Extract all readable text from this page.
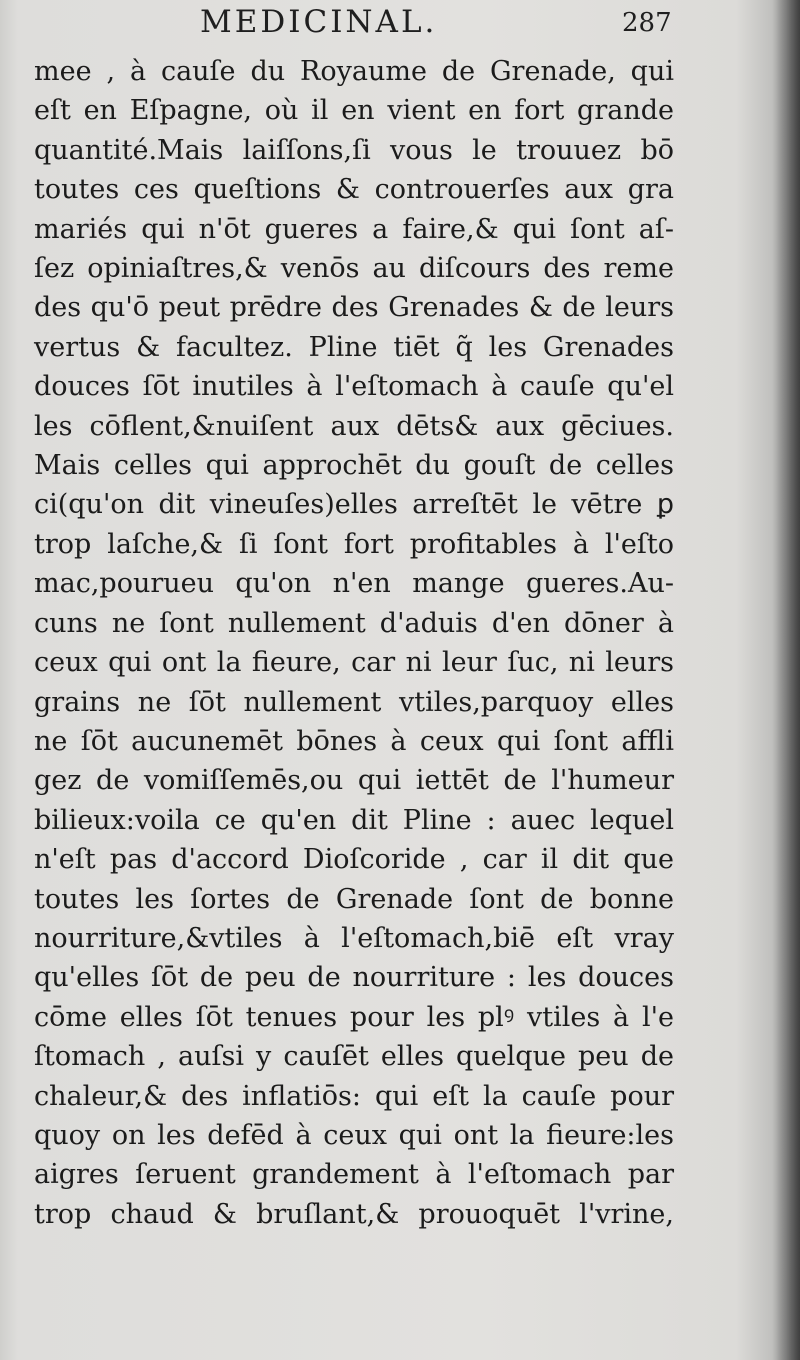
MEDICINAL.	287
mee , à cauſe du Royaume de Grenade, qui
eſt en Eſpagne, où il en vient en fort grande
quantité.Mais laiſſons,ſi vous le trouuez bō
toutes ces queſtions & controuerſes aux gra
mariés qui n'ōt gueres a faire,& qui ſont aſ-
ſez opiniaſtres,& venōs au diſcours des reme
des qu'ō peut prēdre des Grenades & de leurs
vertus & facultez. Pline tiēt q̃ les Grenades
douces ſōt inutiles à l'eſtomach à cauſe qu'el
les cōflent,&nuiſent aux dēts& aux gēciues.
Mais celles qui approchēt du gouſt de celles
ci(qu'on dit vineuſes)elles arreſtēt le vētre ꝑ
trop laſche,& ſi ſont fort profitables à l'eſto
mac,pourueu qu'on n'en mange gueres.Au-
cuns ne ſont nullement d'aduis d'en dōner à
ceux qui ont la fieure, car ni leur ſuc, ni leurs
grains ne ſōt nullement vtiles,parquoy elles
ne ſōt aucunemēt bōnes à ceux qui ſont affli
gez de vomiſſemēs,ou qui iettēt de l'humeur
bilieux:voila ce qu'en dit Pline : auec lequel
n'eſt pas d'accord Dioſcoride , car il dit que
toutes les ſortes de Grenade ſont de bonne
nourriture,&vtiles à l'eſtomach,biē eſt vray
qu'elles ſōt de peu de nourriture : les douces
cōme elles ſōt tenues pour les plꝰ vtiles à l'e
ſtomach , auſsi y cauſēt elles quelque peu de
chaleur,& des inflatiōs: qui eſt la cauſe pour
quoy on les defēd à ceux qui ont la fieure:les
aigres ſeruent grandement à l'eſtomach par
trop chaud & bruſlant,& prouoquēt l'vrine,
